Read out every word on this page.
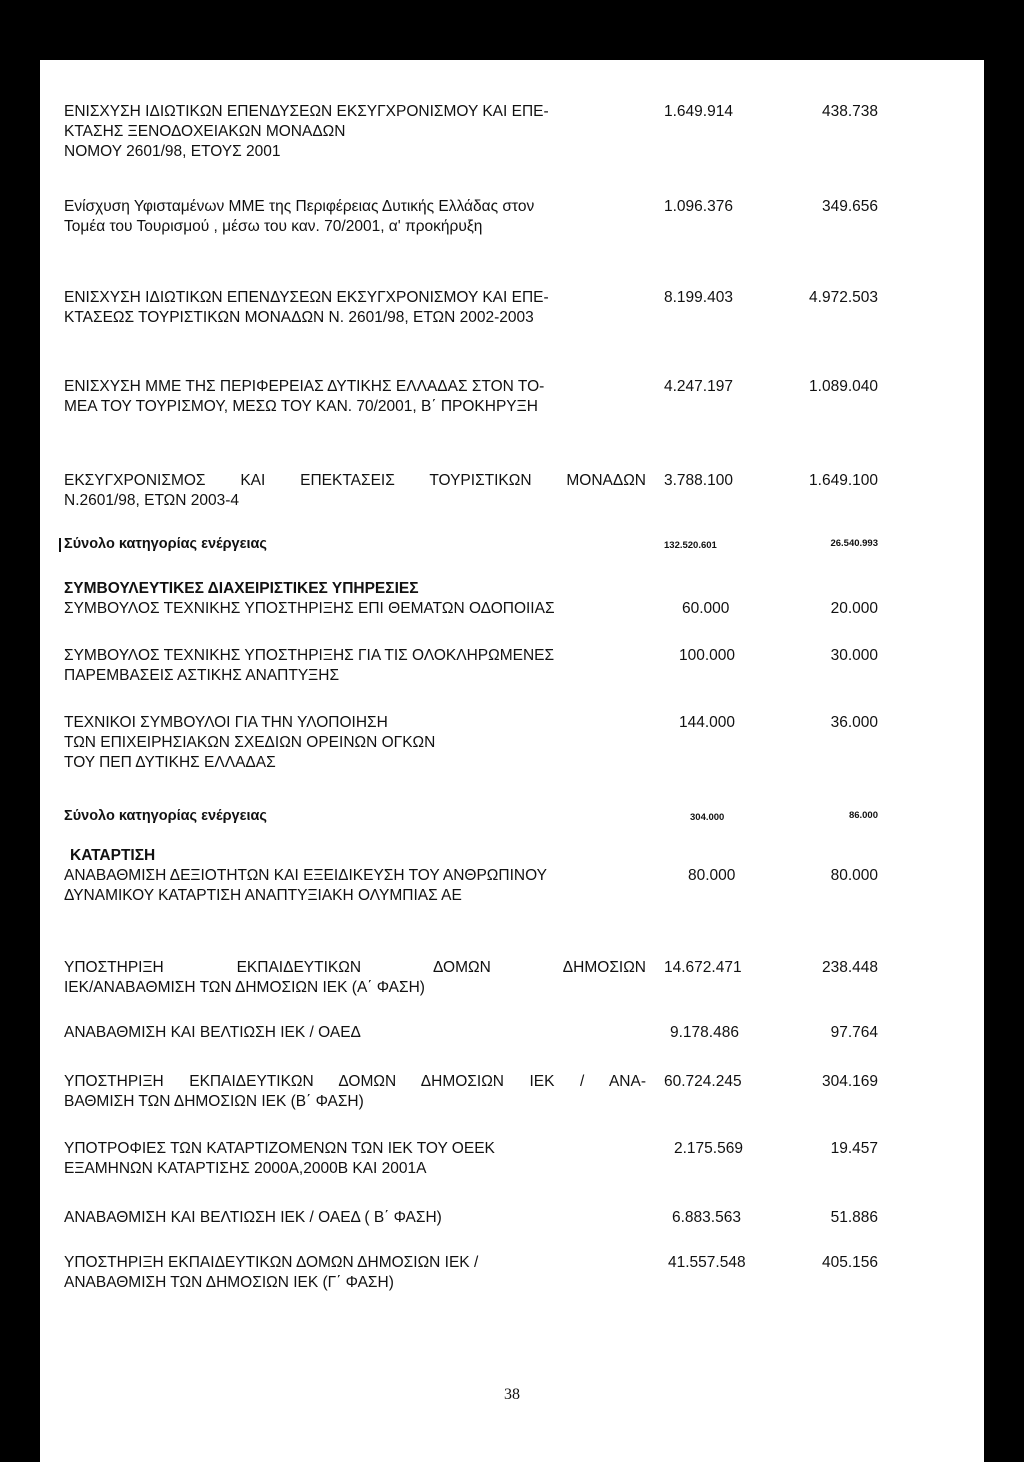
ΕΝΙΣΧΥΣΗ ΙΔΙΩΤΙΚΩΝ ΕΠΕΝΔΥΣΕΩΝ ΕΚΣΥΓΧΡΟΝΙΣΜΟΥ ΚΑΙ ΕΠΕ-
ΚΤΑΣΗΣ ΞΕΝΟΔΟΧΕΙΑΚΩΝ ΜΟΝΑΔΩΝ
ΝΟΜΟΥ 2601/98, ΕΤΟΥΣ 2001
1.649.914	438.738
Ενίσχυση Υφισταμένων ΜΜΕ της Περιφέρειας Δυτικής Ελλάδας στον
Τομέα του Τουρισμού , μέσω του καν. 70/2001, α' προκήρυξη
1.096.376	349.656
ΕΝΙΣΧΥΣΗ ΙΔΙΩΤΙΚΩΝ ΕΠΕΝΔΥΣΕΩΝ ΕΚΣΥΓΧΡΟΝΙΣΜΟΥ ΚΑΙ ΕΠΕ-
ΚΤΑΣΕΩΣ ΤΟΥΡΙΣΤΙΚΩΝ ΜΟΝΑΔΩΝ Ν. 2601/98, ΕΤΩΝ 2002-2003
8.199.403	4.972.503
ΕΝΙΣΧΥΣΗ ΜΜΕ ΤΗΣ ΠΕΡΙΦΕΡΕΙΑΣ ΔΥΤΙΚΗΣ ΕΛΛΑΔΑΣ ΣΤΟΝ ΤΟ-
ΜΕΑ ΤΟΥ ΤΟΥΡΙΣΜΟΥ, ΜΕΣΩ ΤΟΥ ΚΑΝ. 70/2001, Β΄ ΠΡΟΚΗΡΥΞΗ
4.247.197	1.089.040
ΕΚΣΥΓΧΡΟΝΙΣΜΟΣ ΚΑΙ ΕΠΕΚΤΑΣΕΙΣ ΤΟΥΡΙΣΤΙΚΩΝ ΜΟΝΑΔΩΝ
Ν.2601/98, ΕΤΩΝ 2003-4
3.788.100	1.649.100
Σύνολο κατηγορίας ενέργειας	132.520.601	26.540.993
ΣΥΜΒΟΥΛΕΥΤΙΚΕΣ ΔΙΑΧΕΙΡΙΣΤΙΚΕΣ ΥΠΗΡΕΣΙΕΣ
ΣΥΜΒΟΥΛΟΣ ΤΕΧΝΙΚΗΣ ΥΠΟΣΤΗΡΙΞΗΣ ΕΠΙ ΘΕΜΑΤΩΝ ΟΔΟΠΟΙΙΑΣ	60.000	20.000
ΣΥΜΒΟΥΛΟΣ ΤΕΧΝΙΚΗΣ ΥΠΟΣΤΗΡΙΞΗΣ ΓΙΑ ΤΙΣ ΟΛΟΚΛΗΡΩΜΕΝΕΣ
ΠΑΡΕΜΒΑΣΕΙΣ ΑΣΤΙΚΗΣ ΑΝΑΠΤΥΞΗΣ
100.000	30.000
ΤΕΧΝΙΚΟΙ ΣΥΜΒΟΥΛΟΙ ΓΙΑ ΤΗΝ ΥΛΟΠΟΙΗΣΗ
ΤΩΝ ΕΠΙΧΕΙΡΗΣΙΑΚΩΝ ΣΧΕΔΙΩΝ ΟΡΕΙΝΩΝ ΟΓΚΩΝ
ΤΟΥ ΠΕΠ ΔΥΤΙΚΗΣ ΕΛΛΑΔΑΣ
144.000	36.000
Σύνολο κατηγορίας ενέργειας	304.000	86.000
ΚΑΤΑΡΤΙΣΗ
ΑΝΑΒΑΘΜΙΣΗ ΔΕΞΙΟΤΗΤΩΝ ΚΑΙ ΕΞΕΙΔΙΚΕΥΣΗ ΤΟΥ ΑΝΘΡΩΠΙΝΟΥ
ΔΥΝΑΜΙΚΟΥ ΚΑΤΑΡΤΙΣΗ ΑΝΑΠΤΥΞΙΑΚΗ ΟΛΥΜΠΙΑΣ ΑΕ
80.000	80.000
ΥΠΟΣΤΗΡΙΞΗ ΕΚΠΑΙΔΕΥΤΙΚΩΝ ΔΟΜΩΝ ΔΗΜΟΣΙΩΝ
ΙΕΚ/ΑΝΑΒΑΘΜΙΣΗ ΤΩΝ ΔΗΜΟΣΙΩΝ ΙΕΚ (Α΄ ΦΑΣΗ)
14.672.471	238.448
ΑΝΑΒΑΘΜΙΣΗ ΚΑΙ ΒΕΛΤΙΩΣΗ ΙΕΚ / ΟΑΕΔ	9.178.486	97.764
ΥΠΟΣΤΗΡΙΞΗ ΕΚΠΑΙΔΕΥΤΙΚΩΝ ΔΟΜΩΝ ΔΗΜΟΣΙΩΝ ΙΕΚ / ΑΝΑ-
ΒΑΘΜΙΣΗ ΤΩΝ ΔΗΜΟΣΙΩΝ ΙΕΚ (Β΄ ΦΑΣΗ)
60.724.245	304.169
ΥΠΟΤΡΟΦΙΕΣ ΤΩΝ ΚΑΤΑΡΤΙΖΟΜΕΝΩΝ ΤΩΝ ΙΕΚ ΤΟΥ ΟΕΕΚ
ΕΞΑΜΗΝΩΝ ΚΑΤΑΡΤΙΣΗΣ 2000Α,2000Β ΚΑΙ 2001Α
2.175.569	19.457
ΑΝΑΒΑΘΜΙΣΗ ΚΑΙ ΒΕΛΤΙΩΣΗ ΙΕΚ / ΟΑΕΔ ( Β΄ ΦΑΣΗ)	6.883.563	51.886
ΥΠΟΣΤΗΡΙΞΗ ΕΚΠΑΙΔΕΥΤΙΚΩΝ ΔΟΜΩΝ ΔΗΜΟΣΙΩΝ ΙΕΚ /
ΑΝΑΒΑΘΜΙΣΗ ΤΩΝ ΔΗΜΟΣΙΩΝ ΙΕΚ (Γ΄ ΦΑΣΗ)
41.557.548	405.156
38
